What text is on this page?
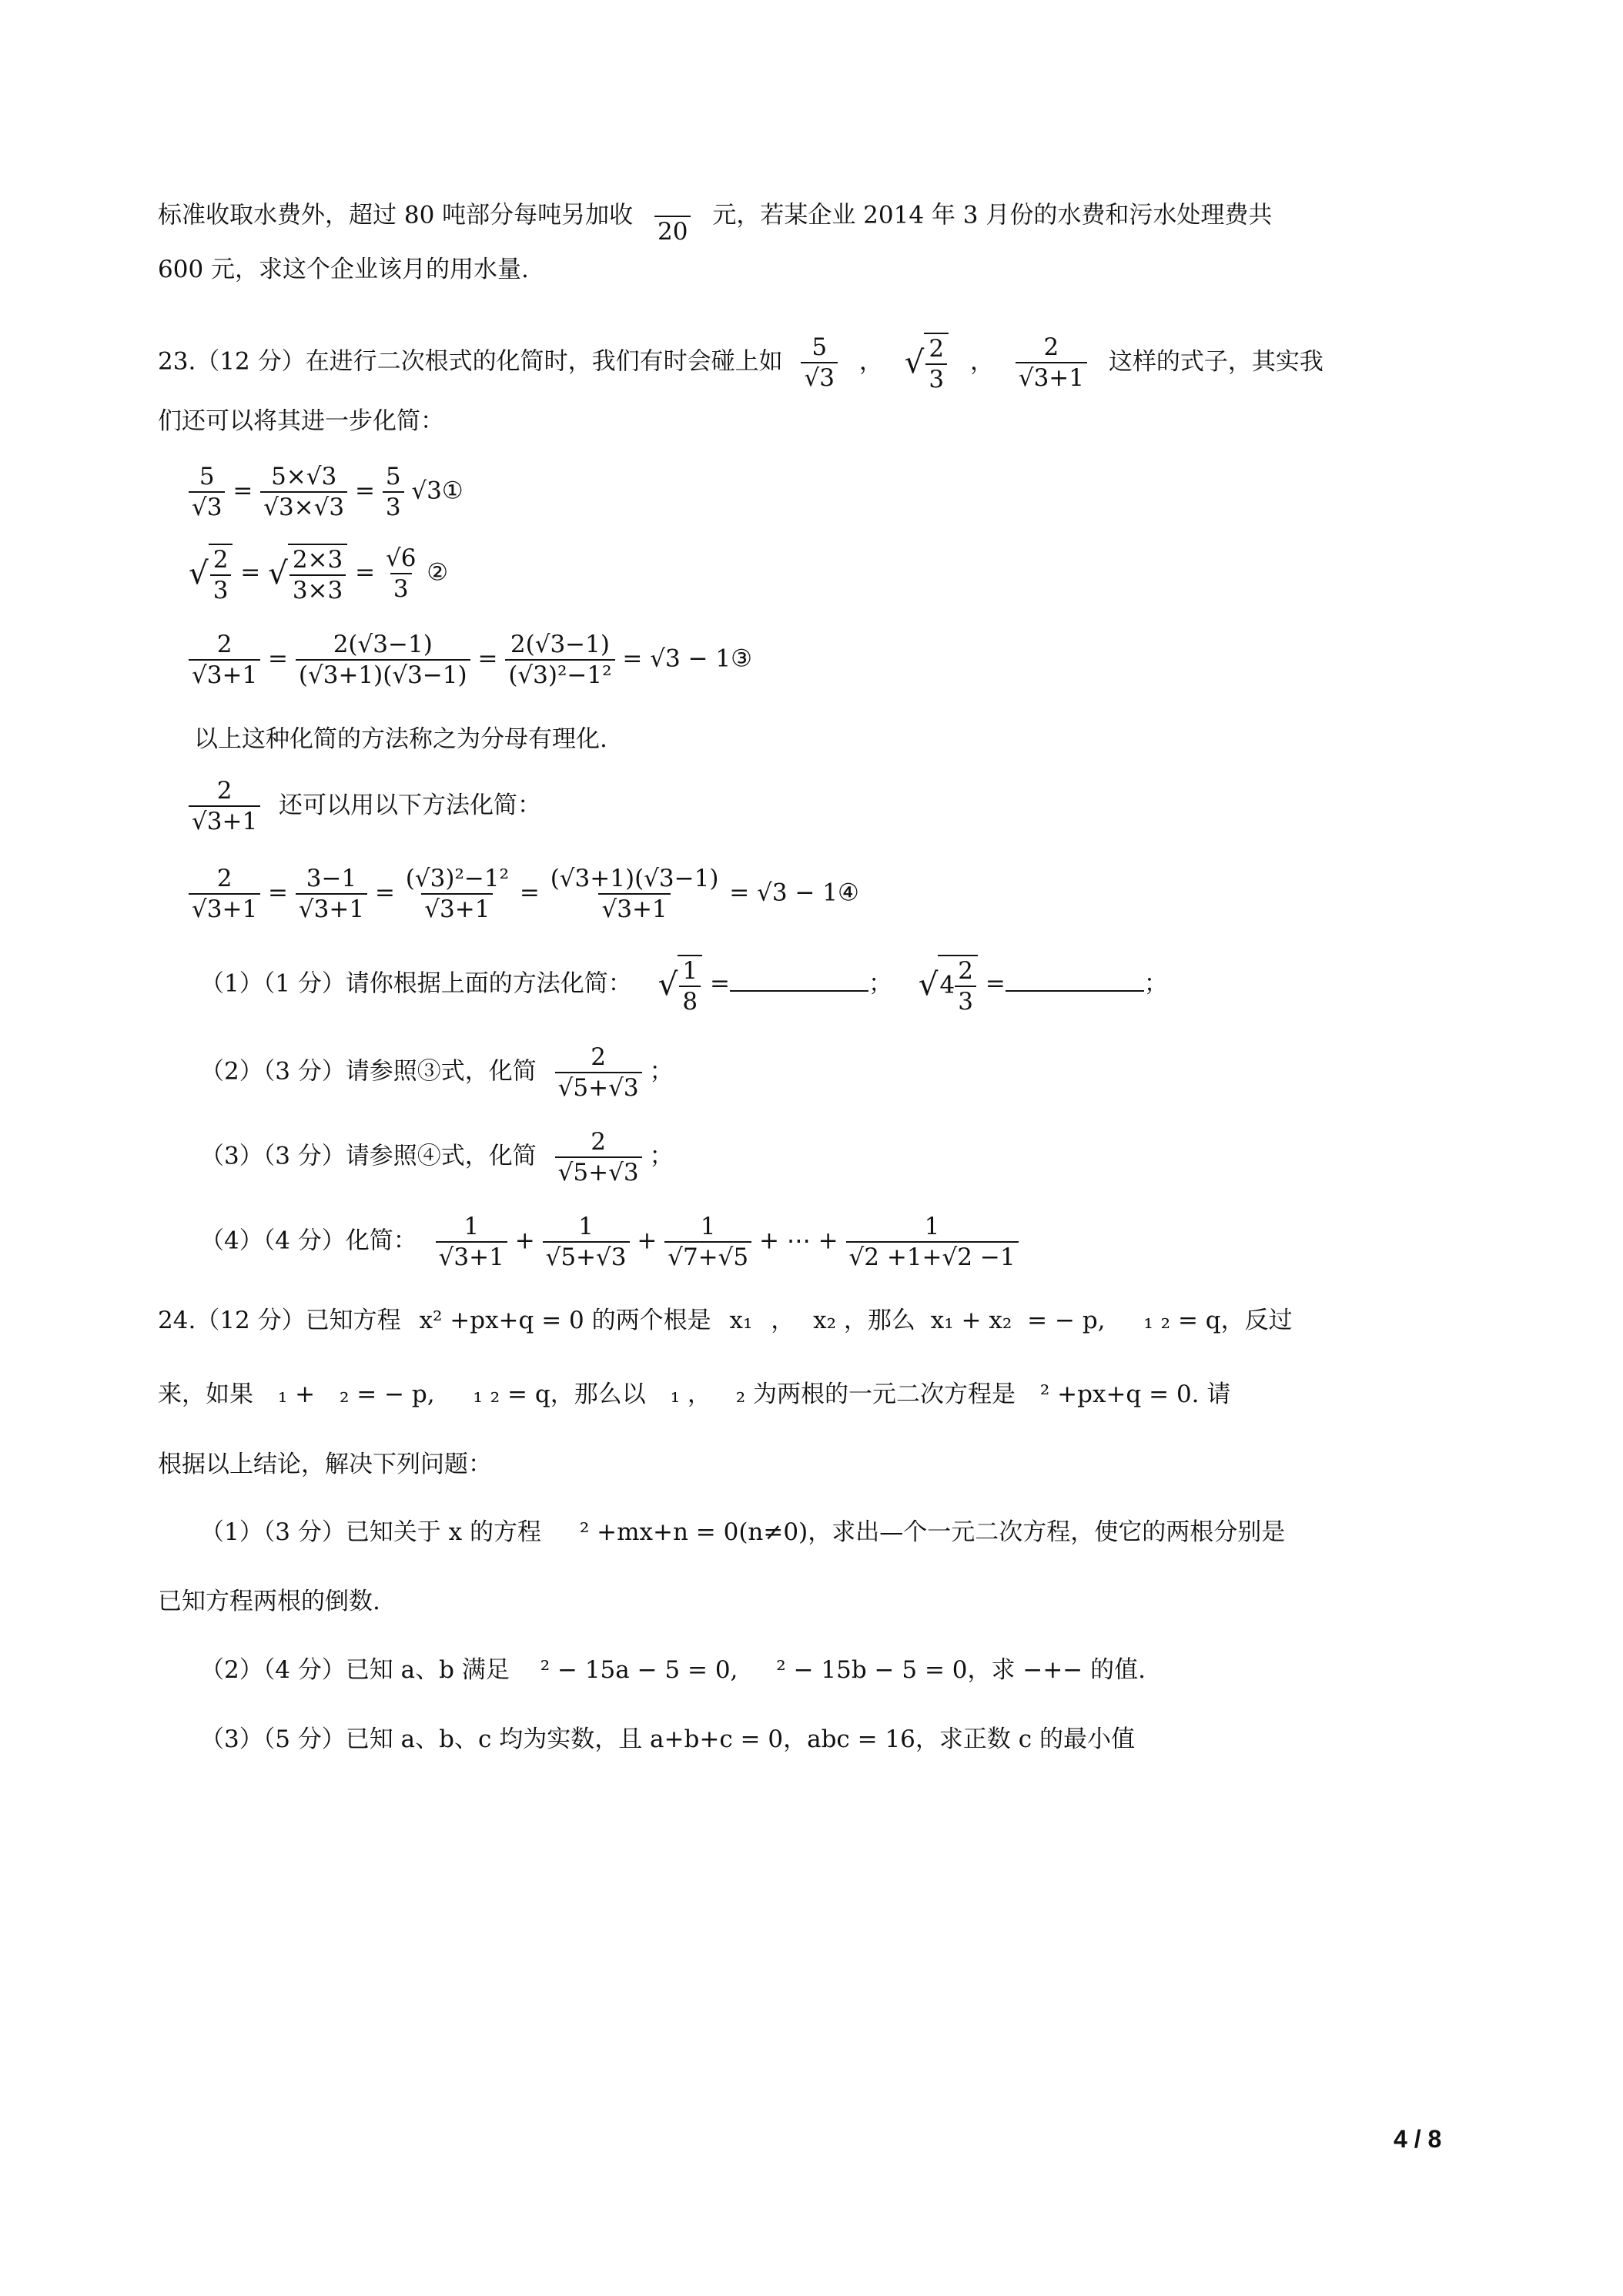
标准收取水费外，超过 80 吨部分每吨另加收

20
元，若某企业 2014 年 3 月份的水费和污水处理费共
600 元，求这个企业该月的用水量.
23.（12 分）在进行二次根式的化简时，我们有时会碰上如 $\frac{5}{√3}$ ， √ $\frac{2}{3}$ ， $\frac{2}{√3+1}$ 这样的式子，其实我
们还可以将其进一步化简：
$\frac{5}{√3} = \frac{5\times√3}{√3\times√3} = \frac{5}{3}$ √3①
√ $\frac{2}{3}$ = √ $\frac{2\times 3}{3\times 3} = \frac{√6}{3}$ ②
$\frac{2}{√3+1} = \frac{2(√3-1)}{(√3+1)(√3-1)} = \frac{2(√3-1)}{\text{(√3)²−1²}} = √3$ − 1③
以上这种化简的方法称之为分母有理化.
$\frac{2}{√3+1}$ 还可以用以下方法化简：
$\frac{2}{√3+1} = \frac{3-1}{√3+1} = \frac{\text{(√3)²−1²}}{√3+1} = \frac{(√3+1)(√3-1)}{√3+1} = √3$ − 1④
（1）（1 分）请你根据上面的方法化简： √ $\frac{1}{8}$ =	； √ $4 \frac{2}{3}$ =	；
（2）（3 分）请参照③式，化简 $\frac{2}{√5+√3}$ ；
（3）（3 分）请参照④式，化简 $\frac{2}{√5+√3}$ ；
（4）（4 分）化简： $\frac{1}{√3+1} + \frac{1}{√5+√3} + \frac{1}{√7+√5}$ + ⋯ + $\frac{1}{√2 +1+√2 -1}$
24.（12 分）已知方程 x² +px+q = 0 的两个根是 x₁ ， x₂ ，那么 x₁ + x₂ = − p, ₁ ₂ = q，反过
来，如果 ₁ + ₂ = − p, ₁ ₂ = q，那么以 ₁ ， ₂ 为两根的一元二次方程是 ² +px+q = 0. 请
根据以上结论，解决下列问题：
（1）（3 分）已知关于 x 的方程 ² +mx+n = 0(n≠0)，求出—个一元二次方程，使它的两根分别是
已知方程两根的倒数.
（2）（4 分）已知 a、b 满足 ² − 15a − 5 = 0, ² − 15b − 5 = 0，求 −+− 的值.
（3）（5 分）已知 a、b、c 均为实数，且 a+b+c = 0，abc = 16，求正数 c 的最小值
4 / 8
